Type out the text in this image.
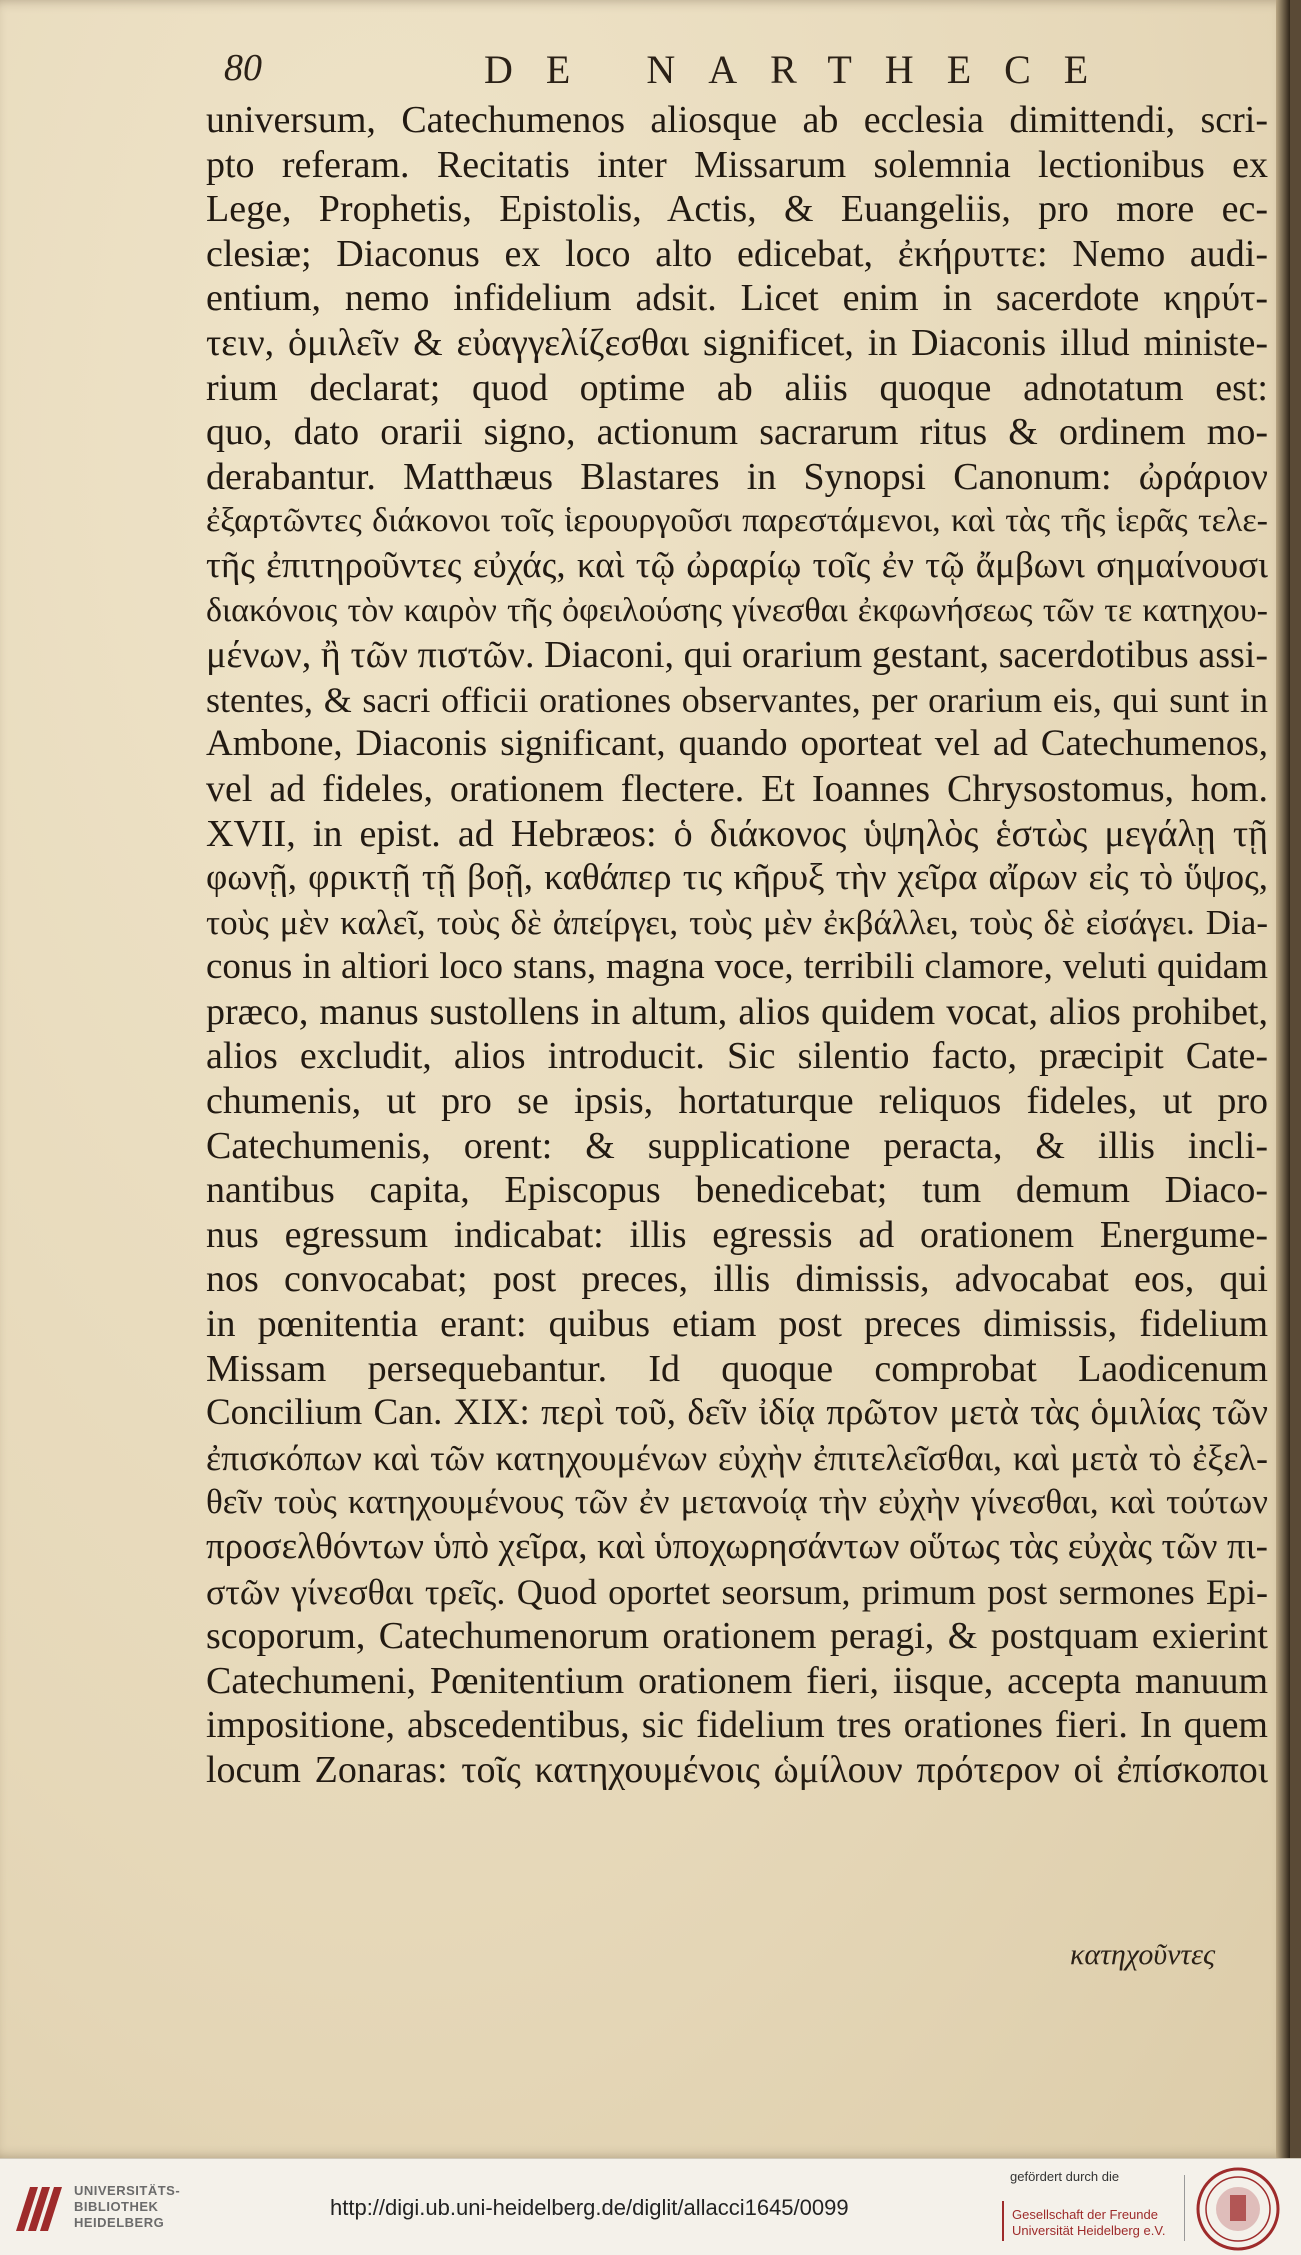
80	DE NARTHECE

universum, Catechumenos aliosque ab ecclesia dimittendi, scri-

pto referam. Recitatis inter Missarum solemnia lectionibus ex

Lege, Prophetis, Epistolis, Actis, & Euangeliis, pro more ec-

clesiæ; Diaconus ex loco alto edicebat, ἐκήρυττε: Nemo audi-

entium, nemo infidelium adsit. Licet enim in sacerdote κηρύτ-

τειν, ὁμιλεῖν & εὐαγγελίζεσθαι significet, in Diaconis illud ministe-

rium declarat; quod optime ab aliis quoque adnotatum est:

quo, dato orarii signo, actionum sacrarum ritus & ordinem mo-

derabantur. Matthæus Blastares in Synopsi Canonum: ὠράριον

ἐξαρτῶντες διάκονοι τοῖς ἱερουργοῦσι παρεστάμενοι, καὶ τὰς τῆς ἱερᾶς τελε-

τῆς ἐπιτηροῦντες εὐχάς, καὶ τῷ ὠραρίῳ τοῖς ἐν τῷ ἄμβωνι σημαίνουσι

διακόνοις τὸν καιρὸν τῆς ὀφειλούσης γίνεσθαι ἐκφωνήσεως τῶν τε κατηχου-

μένων, ἢ τῶν πιστῶν. Diaconi, qui orarium gestant, sacerdotibus assi-

stentes, & sacri officii orationes observantes, per orarium eis, qui sunt in

Ambone, Diaconis significant, quando oporteat vel ad Catechumenos,

vel ad fideles, orationem flectere. Et Ioannes Chrysostomus, hom.

XVII, in epist. ad Hebræos: ὁ διάκονος ὑψηλὸς ἑστὼς μεγάλῃ τῇ

φωνῇ, φρικτῇ τῇ βοῇ, καθάπερ τις κῆρυξ τὴν χεῖρα αἴρων εἰς τὸ ὕψος,

τοὺς μὲν καλεῖ, τοὺς δὲ ἀπείργει, τοὺς μὲν ἐκβάλλει, τοὺς δὲ εἰσάγει. Dia-

conus in altiori loco stans, magna voce, terribili clamore, veluti quidam

præco, manus sustollens in altum, alios quidem vocat, alios prohibet,

alios excludit, alios introducit. Sic silentio facto, præcipit Cate-

chumenis, ut pro se ipsis, hortaturque reliquos fideles, ut pro

Catechumenis, orent: & supplicatione peracta, & illis incli-

nantibus capita, Episcopus benedicebat; tum demum Diaco-

nus egressum indicabat: illis egressis ad orationem Energume-

nos convocabat; post preces, illis dimissis, advocabat eos, qui

in pœnitentia erant: quibus etiam post preces dimissis, fidelium

Missam persequebantur. Id quoque comprobat Laodicenum

Concilium Can. XIX: περὶ τοῦ, δεῖν ἰδίᾳ πρῶτον μετὰ τὰς ὁμιλίας τῶν

ἐπισκόπων καὶ τῶν κατηχουμένων εὐχὴν ἐπιτελεῖσθαι, καὶ μετὰ τὸ ἐξελ-

θεῖν τοὺς κατηχουμένους τῶν ἐν μετανοίᾳ τὴν εὐχὴν γίνεσθαι, καὶ τούτων

προσελθόντων ὑπὸ χεῖρα, καὶ ὑποχωρησάντων οὕτως τὰς εὐχὰς τῶν πι-

στῶν γίνεσθαι τρεῖς. Quod oportet seorsum, primum post sermones Epi-

scoporum, Catechumenorum orationem peragi, & postquam exierint

Catechumeni, Pœnitentium orationem fieri, iisque, accepta manuum

impositione, abscedentibus, sic fidelium tres orationes fieri. In quem

locum Zonaras: τοῖς κατηχουμένοις ὡμίλουν πρότερον οἱ ἐπίσκοποι

κατηχοῦντες
UNIVERSITÄTS-
BIBLIOTHEK
HEIDELBERG
http://digi.ub.uni-heidelberg.de/diglit/allacci1645/0099
gefördert durch die
Gesellschaft der Freunde
Universität Heidelberg e.V.
